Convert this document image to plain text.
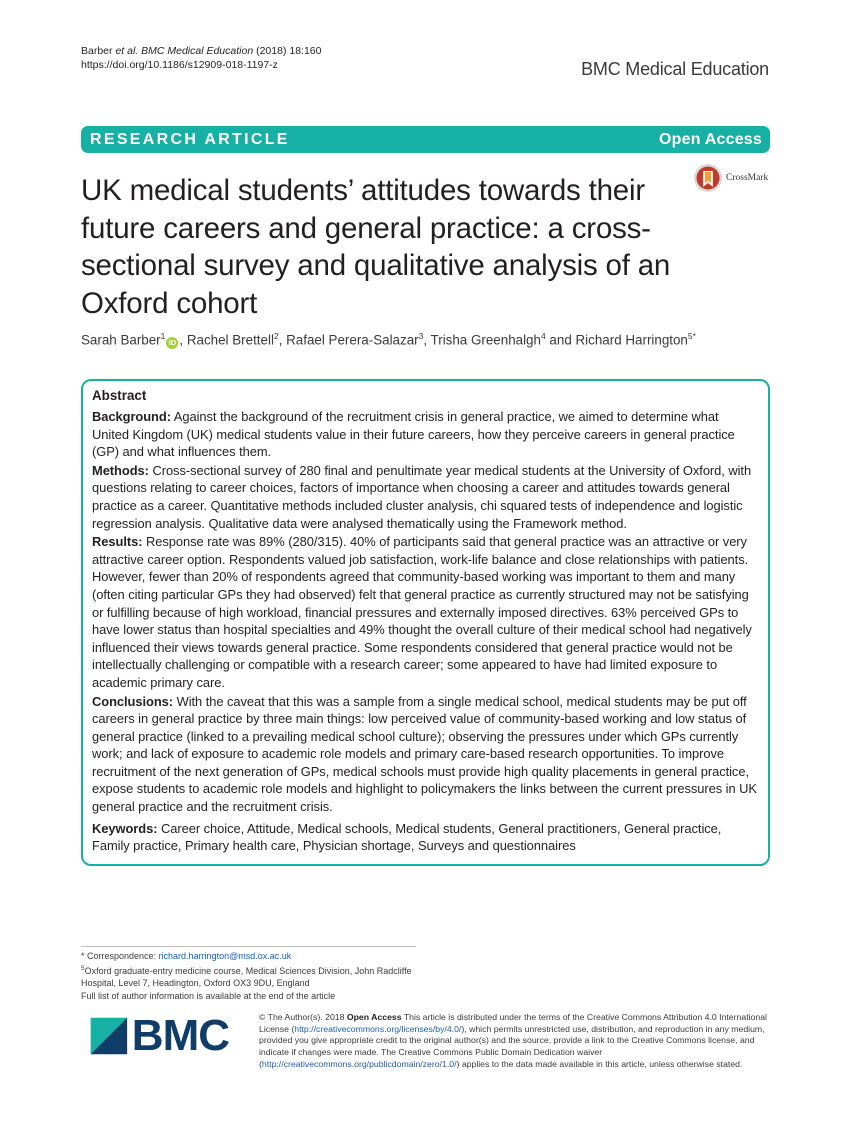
Barber et al. BMC Medical Education (2018) 18:160
https://doi.org/10.1186/s12909-018-1197-z	BMC Medical Education
RESEARCH ARTICLE	Open Access
CrossMark
UK medical students’ attitudes towards their future careers and general practice: a cross-sectional survey and qualitative analysis of an Oxford cohort
Sarah Barber$^1$iD , Rachel Brettell$^2$, Rafael Perera-Salazar$^3$, Trisha Greenhalgh$^4$ and Richard Harrington$^{5*}$
Abstract

Background: Against the background of the recruitment crisis in general practice, we aimed to determine what United Kingdom (UK) medical students value in their future careers, how they perceive careers in general practice (GP) and what influences them.

Methods: Cross-sectional survey of 280 final and penultimate year medical students at the University of Oxford, with questions relating to career choices, factors of importance when choosing a career and attitudes towards general practice as a career. Quantitative methods included cluster analysis, chi squared tests of independence and logistic regression analysis. Qualitative data were analysed thematically using the Framework method.

Results: Response rate was 89% (280/315). 40% of participants said that general practice was an attractive or very attractive career option. Respondents valued job satisfaction, work-life balance and close relationships with patients. However, fewer than 20% of respondents agreed that community-based working was important to them and many (often citing particular GPs they had observed) felt that general practice as currently structured may not be satisfying or fulfilling because of high workload, financial pressures and externally imposed directives. 63% perceived GPs to have lower status than hospital specialties and 49% thought the overall culture of their medical school had negatively influenced their views towards general practice. Some respondents considered that general practice would not be intellectually challenging or compatible with a research career; some appeared to have had limited exposure to academic primary care.

Conclusions: With the caveat that this was a sample from a single medical school, medical students may be put off careers in general practice by three main things: low perceived value of community-based working and low status of general practice (linked to a prevailing medical school culture); observing the pressures under which GPs currently work; and lack of exposure to academic role models and primary care-based research opportunities. To improve recruitment of the next generation of GPs, medical schools must provide high quality placements in general practice, expose students to academic role models and highlight to policymakers the links between the current pressures in UK general practice and the recruitment crisis.

Keywords: Career choice, Attitude, Medical schools, Medical students, General practitioners, General practice, Family practice, Primary health care, Physician shortage, Surveys and questionnaires

* Correspondence: richard.harrington@msd.ox.ac.uk
$^5$Oxford graduate-entry medicine course, Medical Sciences Division, John Radcliffe Hospital, Level 7, Headington, Oxford OX3 9DU, England
Full list of author information is available at the end of the article
BMC	© The Author(s). 2018 Open Access This article is distributed under the terms of the Creative Commons Attribution 4.0 International License (http://creativecommons.org/licenses/by/4.0/), which permits unrestricted use, distribution, and reproduction in any medium, provided you give appropriate credit to the original author(s) and the source, provide a link to the Creative Commons license, and indicate if changes were made. The Creative Commons Public Domain Dedication waiver (http://creativecommons.org/publicdomain/zero/1.0/) applies to the data made available in this article, unless otherwise stated.
